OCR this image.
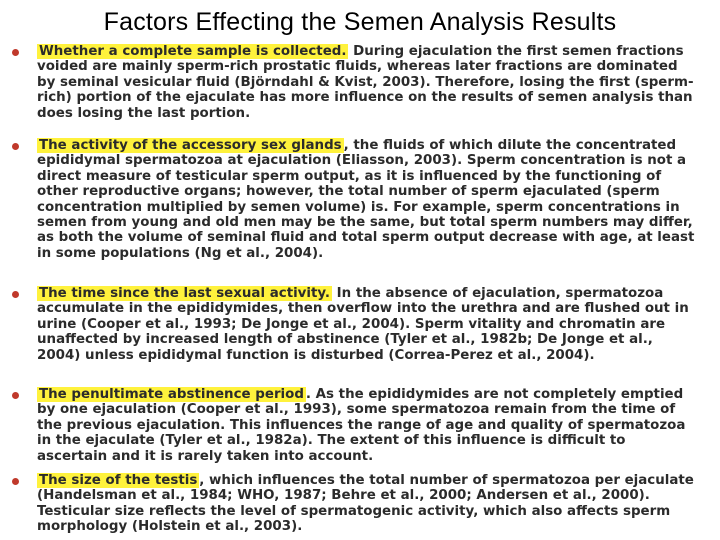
Factors Effecting the Semen Analysis Results

Whether a complete sample is collected. During ejaculation the first semen fractions voided are mainly sperm-rich prostatic fluids, whereas later fractions are dominated by seminal vesicular fluid (Björndahl & Kvist, 2003). Therefore, losing the first (sperm-rich) portion of the ejaculate has more influence on the results of semen analysis than does losing the last portion.

The activity of the accessory sex glands , the fluids of which dilute the concentrated epididymal spermatozoa at ejaculation (Eliasson, 2003). Sperm concentration is not a direct measure of testicular sperm output, as it is influenced by the functioning of other reproductive organs; however, the total number of sperm ejaculated (sperm concentration multiplied by semen volume) is. For example, sperm concentrations in semen from young and old men may be the same, but total sperm numbers may differ, as both the volume of seminal fluid and total sperm output decrease with age, at least in some populations (Ng et al., 2004).

The time since the last sexual activity. In the absence of ejaculation, spermatozoa accumulate in the epididymides, then overflow into the urethra and are flushed out in urine (Cooper et al., 1993; De Jonge et al., 2004). Sperm vitality and chromatin are unaffected by increased length of abstinence (Tyler et al., 1982b; De Jonge et al., 2004) unless epididymal function is disturbed (Correa-Perez et al., 2004).

The penultimate abstinence period . As the epididymides are not completely emptied by one ejaculation (Cooper et al., 1993), some spermatozoa remain from the time of the previous ejaculation. This influences the range of age and quality of spermatozoa in the ejaculate (Tyler et al., 1982a). The extent of this influence is difficult to ascertain and it is rarely taken into account.

The size of the testis , which influences the total number of spermatozoa per ejaculate (Handelsman et al., 1984; WHO, 1987; Behre et al., 2000; Andersen et al., 2000). Testicular size reflects the level of spermatogenic activity, which also affects sperm morphology (Holstein et al., 2003).
